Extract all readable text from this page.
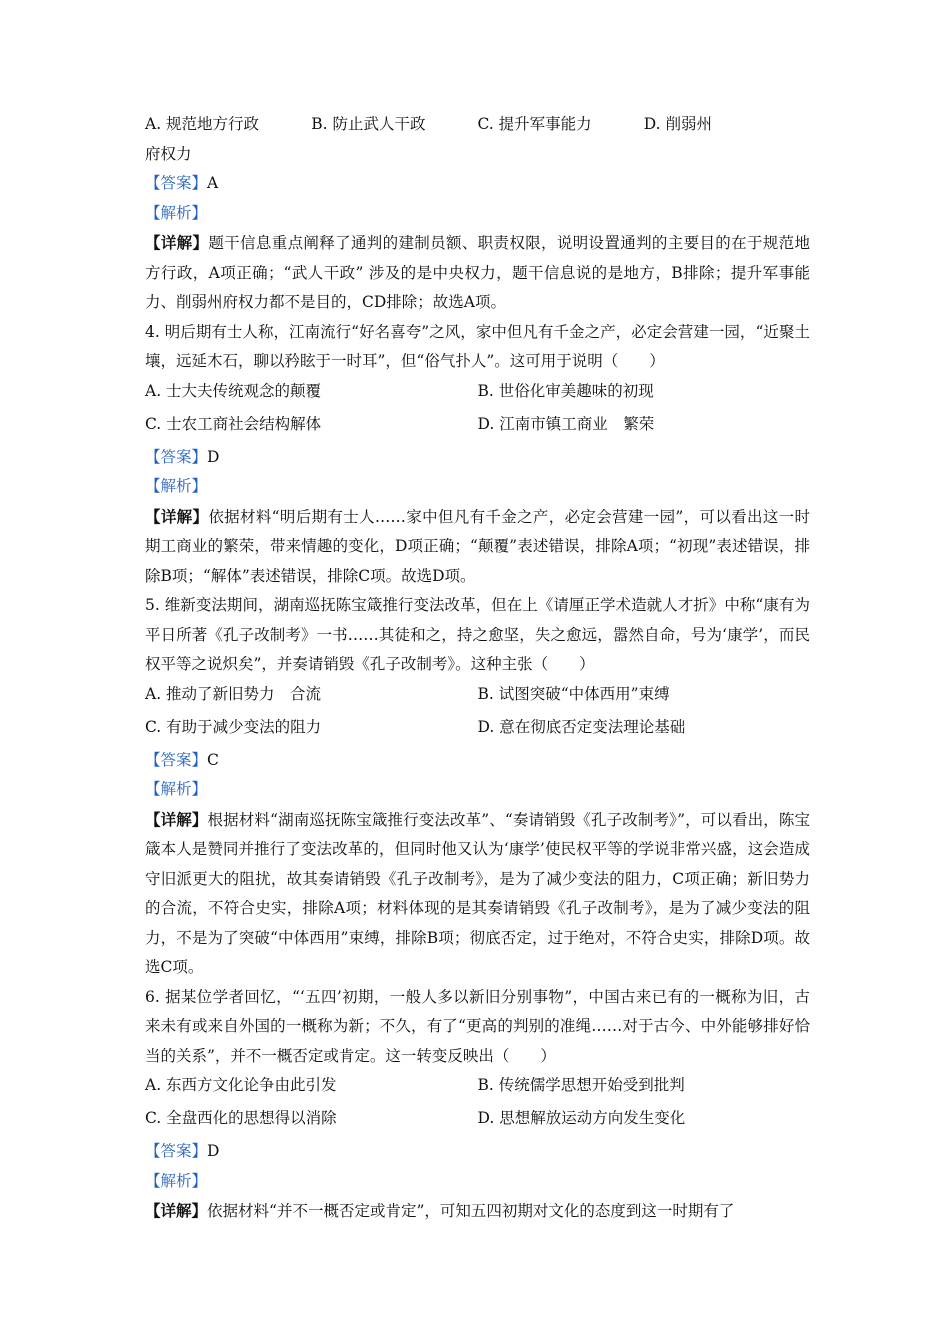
A. 规范地方行政	B. 防止武人干政	C. 提升军事能力	D. 削弱州
府权力
【答案】A
【解析】
【详解】题干信息重点阐释了通判的建制员额、职责权限，说明设置通判的主要目的在于规范地方行政，A项正确；“武人干政” 涉及的是中央权力，题干信息说的是地方，B排除；提升军事能力、削弱州府权力都不是目的，CD排除；故选A项。
4. 明后期有士人称，江南流行“好名喜夸”之风，家中但凡有千金之产，必定会营建一园，“近聚土壤，远延木石，聊以矜眩于一时耳”，但“俗气扑人”。这可用于说明（　　）
A. 士大夫传统观念的颠覆	B. 世俗化审美趣味的初现
C. 士农工商社会结构解体	D. 江南市镇工商业　繁荣
【答案】D
【解析】
【详解】依据材料“明后期有士人……家中但凡有千金之产，必定会营建一园”，可以看出这一时期工商业的繁荣，带来情趣的变化，D项正确；“颠覆”表述错误，排除A项；“初现”表述错误，排除B项；“解体”表述错误，排除C项。故选D项。
5. 维新变法期间，湖南巡抚陈宝箴推行变法改革，但在上《请厘正学术造就人才折》中称“康有为平日所著《孔子改制考》一书……其徒和之，持之愈坚，失之愈远，嚣然自命，号为‘康学’，而民权平等之说炽矣”，并奏请销毁《孔子改制考》。这种主张（　　）
A. 推动了新旧势力　合流	B. 试图突破“中体西用”束缚
C. 有助于减少变法的阻力	D. 意在彻底否定变法理论基础
【答案】C
【解析】
【详解】根据材料“湖南巡抚陈宝箴推行变法改革”、“奏请销毁《孔子改制考》”，可以看出，陈宝箴本人是赞同并推行了变法改革的，但同时他又认为‘康学’使民权平等的学说非常兴盛，这会造成守旧派更大的阻扰，故其奏请销毁《孔子改制考》，是为了减少变法的阻力，C项正确；新旧势力的合流，不符合史实，排除A项；材料体现的是其奏请销毁《孔子改制考》，是为了减少变法的阻力，不是为了突破“中体西用”束缚，排除B项；彻底否定，过于绝对，不符合史实，排除D项。故选C项。
6. 据某位学者回忆，“‘五四’初期，一般人多以新旧分别事物”，中国古来已有的一概称为旧，古来未有或来自外国的一概称为新；不久，有了“更高的判别的准绳……对于古今、中外能够排好恰当的关系”，并不一概否定或肯定。这一转变反映出（　　）
A. 东西方文化论争由此引发	B. 传统儒学思想开始受到批判
C. 全盘西化的思想得以消除	D. 思想解放运动方向发生变化
【答案】D
【解析】
【详解】依据材料“并不一概否定或肯定”，可知五四初期对文化的态度到这一时期有了
